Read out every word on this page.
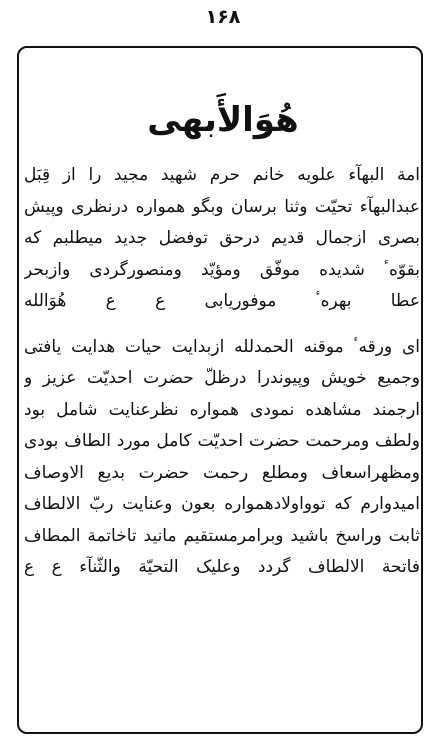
۱۶۸
هُوَالأَبهی
امة البهآء علویه خانم حرم شهید مجید را از قِبَل
عبدالبهآء تحیّت وثنا برسان وبگو همواره درنظری وپیش
بصری ازجمال قدیم درحق توفضل جدید میطلبم که
بقوّهٴ شدیده موفّق ومؤیّد ومنصورگردی وازبحر
عطا بهرهٴ موفوریابی ع ع هُوَالله
ای ورقهٴ موقنه الحمدلله ازبدایت حیات هدایت یافتی
وجمیع خویش وپیوندرا درظلّ حضرت احدیّت عزیز و
ارجمند مشاهده نمودی همواره نظرعنایت شامل بود
ولطف ومرحمت حضرت احدیّت کامل مورد الطاف بودی
ومظهراسعاف ومطلع رحمت حضرت بدیع الاوصاف
امیدوارم که توواولادهمواره بعون وعنایت ربّ الالطاف
ثابت وراسخ باشید وبرامرمستقیم مانید تاخاتمة المطاف
فاتحة الالطاف گردد وعلیک التحیّة والثّنآء ع ع
